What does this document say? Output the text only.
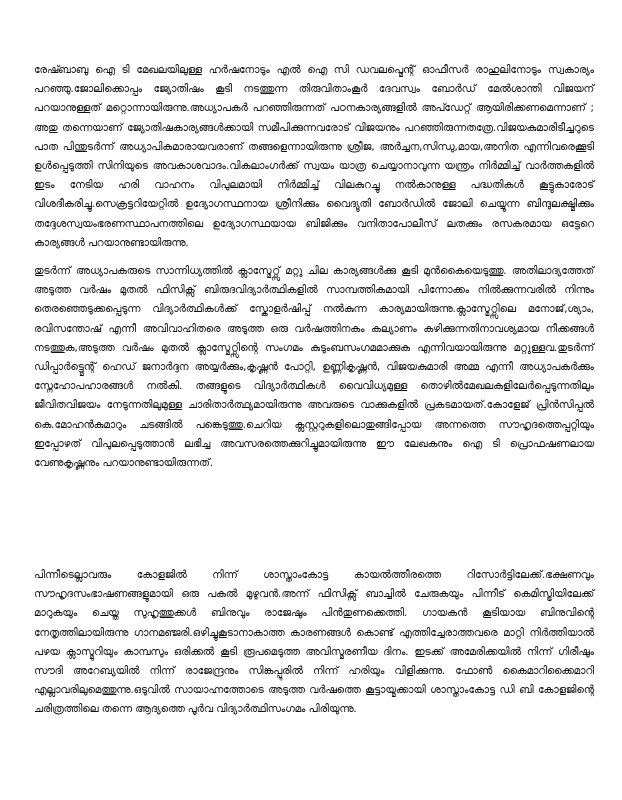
രേഷ്ബാബു ഐ ടി മേഖലയിലുള്ള ഹർഷനോടും എൽ ഐ സി ഡവലപ്മെന്റ് ഓഫീസർ രാഹുലിനോടും സ്വകാര്യം പറഞ്ഞു.ജോലിക്കൊപ്പം ജ്യോതിഷം കൂടി നടത്തുന്ന തിരുവിതാംകൂർ ദേവസ്വം ബോർഡ് മേൽശാന്തി വിജയന് പറയാനുള്ളത് മറ്റൊന്നായിരുന്നു.അധ്യാപകർ പറഞ്ഞിരുന്നത് പഠനകാര്യങ്ങളിൽ അപ്ഡേറ്റ് ആയിരിക്കണമെന്നാണ് ; അതു തന്നെയാണ് ജ്യോതിഷകാര്യങ്ങൾക്കായി സമീപിക്കുന്നവരോട് വിജയനും പറഞ്ഞിരുന്നതത്രേ.വിജയകുമാരിടീച്ചറുടെ പാത പിന്തുടർന്ന് അധ്യാപികമാരായവരാണ് തങ്ങളെന്നായിരുന്നു ശ്രീജ, അർച്ചന,സിന്ധു,മായ,അനിത എന്നിവരെക്കൂടി ഉൾപ്പെടുത്തി സിനിയുടെ അവകാശവാദം.വികലാംഗർക്ക് സ്വയം യാത്ര ചെയ്യാനാവുന്ന യന്ത്രം നിർമ്മിച്ച് വാർത്തകളിൽ ഇടം നേടിയ ഹരി വാഹനം വിപുലമായി നിർമ്മിച്ച് വിലകുറച്ചു നൽകാനുള്ള പദ്ധതികൾ കൂട്ടുകാരോട് വിശദീകരിച്ചു.സെക്രട്ടറിയേറ്റിൽ ഉദ്യോഗസ്ഥനായ ശ്രീനിക്കും വൈദ്യുതി ബോർഡിൽ ജോലി ചെയ്യുന്ന ബിന്ദുലക്ഷ്മിക്കും തദ്ദേശസ്വയംഭരണസ്ഥാപനത്തിലെ ഉദ്യോഗസ്ഥയായ ബിജിക്കും വനിതാപോലീസ് ലതക്കും രസകരമായ ഒട്ടേറെ കാര്യങ്ങൾ പറയാനുണ്ടായിരുന്നു.

തുടർന്ന് അധ്യാപകരുടെ സാന്നിധ്യത്തിൽ ക്ലാസ്മേറ്റ്സ് മറ്റു ചില കാര്യങ്ങൾക്കു കൂടി മുൻകൈയെടുത്തു. അതിലാദ്യത്തേത് അടുത്ത വർഷം മുതൽ ഫിസിക്സ് ബിരുദവിദ്യാർത്ഥികളിൽ സാമ്പത്തികമായി പിന്നോക്കം നിൽക്കുന്നവരിൽ നിന്നും തെരഞ്ഞെടുക്കപ്പെടുന്ന വിദ്യാർത്ഥികൾക്ക് സ്കോളർഷിപ്പ് നൽകുന്ന കാര്യമായിരുന്നു.ക്ലാസ്മേറ്റ്സിലെ മനോജ്,ശ്യാം, രവിസന്തോഷ് എന്നീ അവിവാഹിതരെ അടുത്ത ഒരു വർഷത്തിനകം കല്യാണം കഴിക്കുന്നതിനാവശ്യമായ നീക്കങ്ങൾ നടത്തുക,അടുത്ത വർഷം മുതൽ ക്ലാസ്മേറ്റ്സിന്റെ സംഗമം കുടുംബസംഗമമാക്കുക എന്നിവയായിരുന്നു മറ്റുള്ളവ.തുടർന്ന് ഡിപ്പാർട്ട്മെന്റ് ഹെഡ് ജനാർദ്ദന അയ്യർക്കും,കൃഷ്ണൻ പോറ്റി, ഉണ്ണികൃഷ്ണൻ, വിജയകുമാരി അമ്മ എന്നീ അധ്യാപകർക്കും സ്നേഹോപഹാരങ്ങൾ നൽകി. തങ്ങളുടെ വിദ്യാർത്ഥികൾ വൈവിധ്യമുള്ള തൊഴിൽമേഖലകളിലേർപ്പെടുന്നതിലും ജീവിതവിജയം നേടുന്നതിലുമുള്ള ചാരിതാർത്ഥ്യമായിരുന്നു അവരുടെ വാക്കുകളിൽ പ്രകടമായത്.കോളേജ് പ്രിൻസിപ്പൽ കെ.മോഹൻകുമാറും ചടങ്ങിൽ പങ്കെടുത്തു.ചെറിയ ക്ലസ്റ്ററുകളിലൊതുങ്ങിപ്പോയ അന്നത്തെ സൗഹൃദത്തെപ്പറ്റിയും ഇപ്പോഴത് വിപുലപ്പെടുത്താൻ ലഭിച്ച അവസരത്തെക്കുറിച്ചുമായിരുന്നു ഈ ലേഖകനും ഐ ടി പ്രൊഫഷണലായ വേണുകൃഷ്ണനും പറയാനുണ്ടായിരുന്നത്.

പിന്നീടെല്ലാവരും കോളജിൽ നിന്ന് ശാസ്താംകോട്ട കായൽത്തീരത്തെ റിസോർട്ടിലേക്ക്.ഭക്ഷണവും സൗഹൃദസംഭാഷണങ്ങളുമായി ഒരു പകൽ മുഴുവൻ.അന്ന് ഫിസിക്സ് ബാച്ചിൽ ചേരുകയും പിന്നീട് കെമിസ്ട്രിയിലേക്ക് മാറുകയും ചെയ്ത സുഹൃത്തുക്കൾ ബിനുവും രാജേഷും പിൻതുണക്കെത്തി. ഗായകൻ കൂടിയായ ബിനുവിന്റെ നേതൃത്തിലായിരുന്നു ഗാനമഞ്ജരി.ഒഴിച്ചുകൂടാനാകാത്ത കാരണങ്ങൾ കൊണ്ട് എത്തിച്ചേരാത്തവരെ മാറ്റി നിർത്തിയാൽ പഴയ ക്ലാസ്മുറിയും കാമ്പസും ഒരിക്കൽ കൂടി രൂപമെടുത്ത അവിസ്മരണീയ ദിനം. ഇടക്ക് അമേരിക്കയിൽ നിന്ന് ഗിരീഷും സൗദി അറേബ്യയിൽ നിന്ന് രാജേന്ദ്രനും സിങ്കപ്പൂരിൽ നിന്ന് ഹരിയും വിളിക്കുന്നു. ഫോൺ കൈമാറിക്കൈമാറി എല്ലാവരിലുമെത്തുന്നു.ഒടുവിൽ സായാഹ്നത്തോടെ അടുത്ത വർഷത്തെ കൂട്ടായ്മക്കായി ശാസ്താംകോട്ട ഡി ബി കോളജിന്റെ ചരിത്രത്തിലെ തന്നെ ആദ്യത്തെ പൂർവ വിദ്യാർത്ഥിസംഗമം പിരിയുന്നു.
